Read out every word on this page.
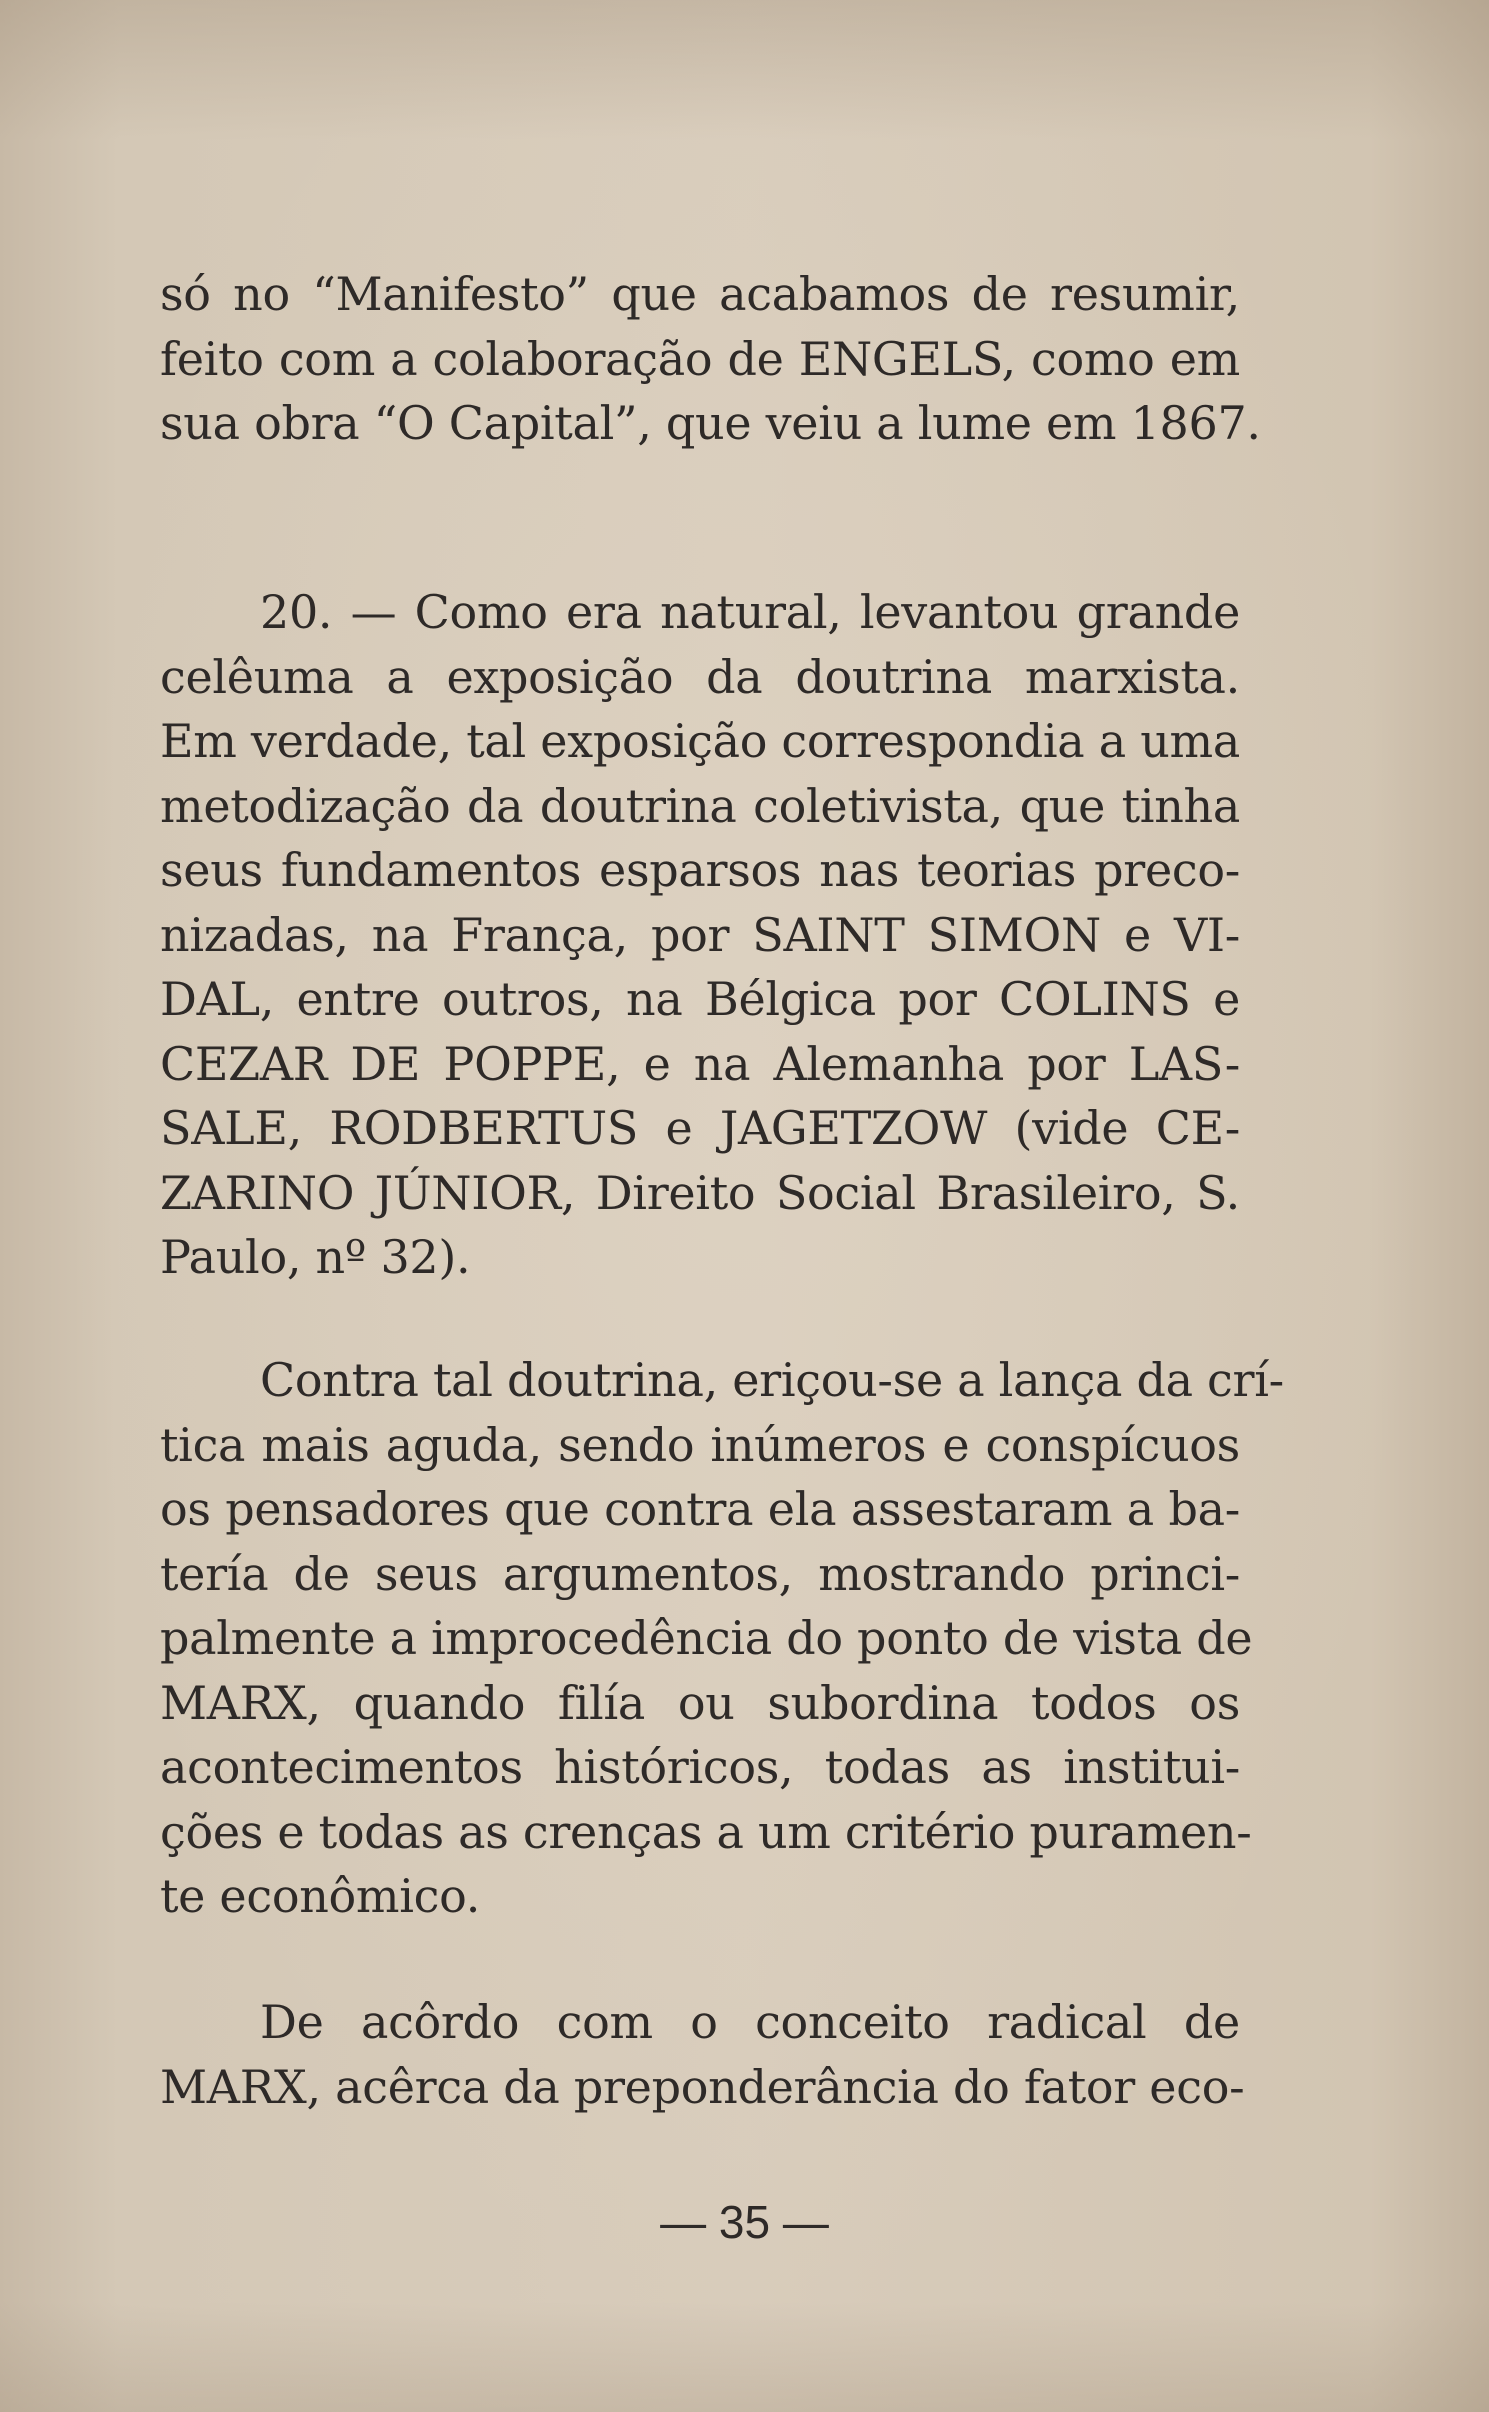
só no “Manifesto” que acabamos de resumir,
feito com a colaboração de ENGELS, como em
sua obra “O Capital”, que veiu a lume em 1867.
20. — Como era natural, levantou grande
celêuma a exposição da doutrina marxista.
Em verdade, tal exposição correspondia a uma
metodização da doutrina coletivista, que tinha
seus fundamentos esparsos nas teorias preco-
nizadas, na França, por SAINT SIMON e VI-
DAL, entre outros, na Bélgica por COLINS e
CEZAR DE POPPE, e na Alemanha por LAS-
SALE, RODBERTUS e JAGETZOW (vide CE-
ZARINO JÚNIOR, Direito Social Brasileiro, S.
Paulo, nº 32).
Contra tal doutrina, eriçou-se a lança da crí-
tica mais aguda, sendo inúmeros e conspícuos
os pensadores que contra ela assestaram a ba-
tería de seus argumentos, mostrando princi-
palmente a improcedência do ponto de vista de
MARX, quando filía ou subordina todos os
acontecimentos históricos, todas as institui-
ções e todas as crenças a um critério puramen-
te econômico.
De acôrdo com o conceito radical de
MARX, acêrca da preponderância do fator eco-
— 35 —
